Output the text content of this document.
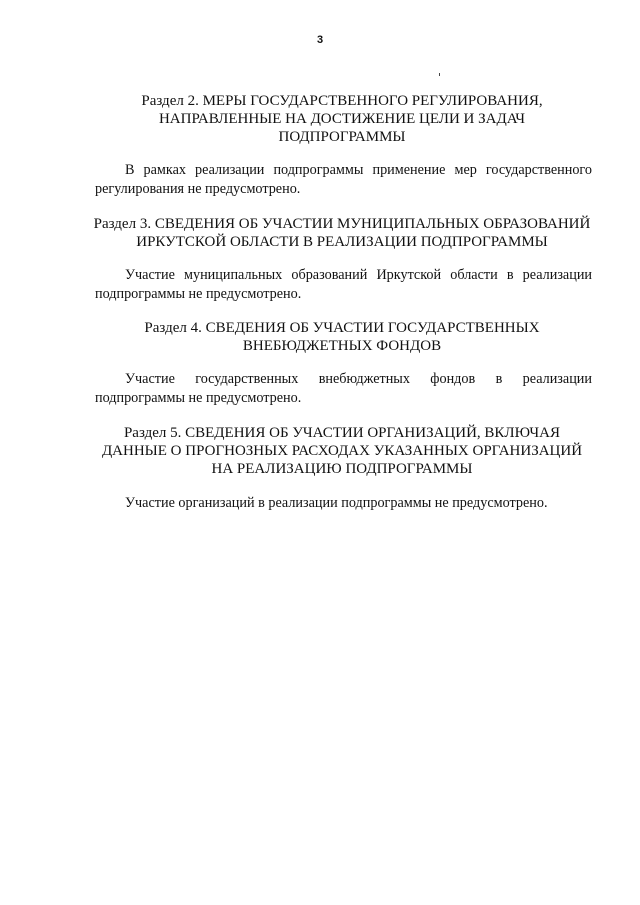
3
Раздел 2. МЕРЫ ГОСУДАРСТВЕННОГО РЕГУЛИРОВАНИЯ,
НАПРАВЛЕННЫЕ НА ДОСТИЖЕНИЕ ЦЕЛИ И ЗАДАЧ
ПОДПРОГРАММЫ

В рамках реализации подпрограммы применение мер государственного регулирования не предусмотрено.

Раздел 3. СВЕДЕНИЯ ОБ УЧАСТИИ МУНИЦИПАЛЬНЫХ ОБРАЗОВАНИЙ
ИРКУТСКОЙ ОБЛАСТИ В РЕАЛИЗАЦИИ ПОДПРОГРАММЫ

Участие муниципальных образований Иркутской области в реализации подпрограммы не предусмотрено.

Раздел 4. СВЕДЕНИЯ ОБ УЧАСТИИ ГОСУДАРСТВЕННЫХ
ВНЕБЮДЖЕТНЫХ ФОНДОВ
Участие государственных внебюджетных фондов в реализации
подпрограммы не предусмотрено.
Раздел 5. СВЕДЕНИЯ ОБ УЧАСТИИ ОРГАНИЗАЦИЙ, ВКЛЮЧАЯ
ДАННЫЕ О ПРОГНОЗНЫХ РАСХОДАХ УКАЗАННЫХ ОРГАНИЗАЦИЙ
НА РЕАЛИЗАЦИЮ ПОДПРОГРАММЫ

Участие организаций в реализации подпрограммы не предусмотрено.
